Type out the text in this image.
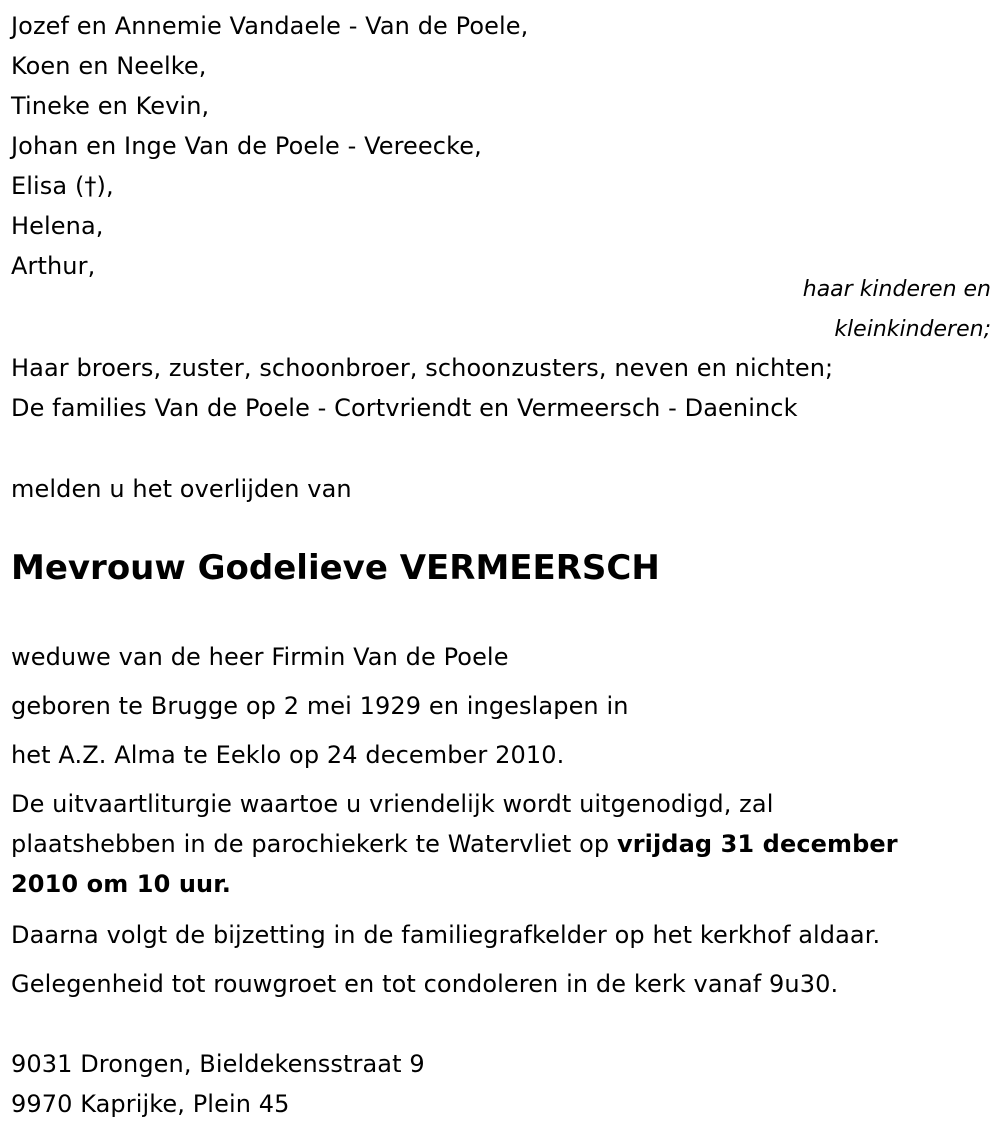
Jozef en Annemie Vandaele - Van de Poele,
Koen en Neelke,
Tineke en Kevin,
Johan en Inge Van de Poele - Vereecke,
Elisa (†),
Helena,
Arthur,
haar kinderen en
kleinkinderen;
Haar broers, zuster, schoonbroer, schoonzusters, neven en nichten;
De families Van de Poele - Cortvriendt en Vermeersch - Daeninck
melden u het overlijden van
Mevrouw Godelieve VERMEERSCH
weduwe van de heer Firmin Van de Poele
geboren te Brugge op 2 mei 1929 en ingeslapen in
het A.Z. Alma te Eeklo op 24 december 2010.
De uitvaartliturgie waartoe u vriendelijk wordt uitgenodigd, zal
plaatshebben in de parochiekerk te Watervliet op vrijdag 31 december
2010 om 10 uur.
Daarna volgt de bijzetting in de familiegrafkelder op het kerkhof aldaar.
Gelegenheid tot rouwgroet en tot condoleren in de kerk vanaf 9u30.
9031 Drongen, Bieldekensstraat 9
9970 Kaprijke, Plein 45
